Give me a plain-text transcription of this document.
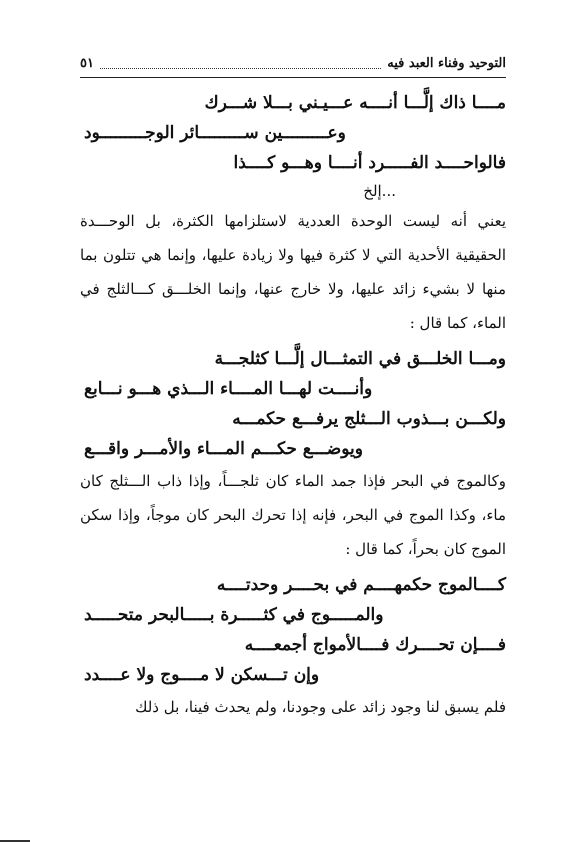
التوحيد وفناء العبد فيه
٥١
مــــا ذاك إلَّـــا أنــــه عـــيـني بـــلا شـــرك
وعـــــــــين ســـــــــائر الوجـــــــــود
فالواحــــد الفـــــرد أنــــا وهـــو كــــذا
...إلخ
يعني أنه ليست الوحدة العددية لاستلزامها الكثرة، بل الوحـــدة الحقيقية الأحدية التي لا كثرة فيها ولا زيادة عليها، وإنما هي تتلون بما منها لا بشيء زائد عليها، ولا خارج عنها، وإنما الخلـــق كـــالثلج في الماء، كما قال :
ومـــا الخلـــق في التمثـــال إلَّـــا كثلجـــة
وأنــــت لهـــا المــــاء الـــذي هـــو نـــابع
ولكـــن بـــذوب الـــثلج يرفـــع حكمـــه
ويوضـــع حكـــم المـــاء والأمـــر واقـــع
وكالموج في البحر فإذا جمد الماء كان ثلجـــاً، وإذا ذاب الـــثلج كان ماء، وكذا الموج في البحر، فإنه إذا تحرك البحر كان موجاً، وإذا سكن الموج كان بحراً، كما قال :
كــــالموج حكمهــــم في بحــــر وحدتــــه
والمـــــوج في كثـــــرة بـــــالبحر متحـــــد
فــــإن تحــــرك فــــالأمواج أجمعــــه
وإن تـــسكن لا مــــوج ولا عــــدد
فلم يسبق لنا وجود زائد على وجودنا، ولم يحدث فينا، بل ذلك
